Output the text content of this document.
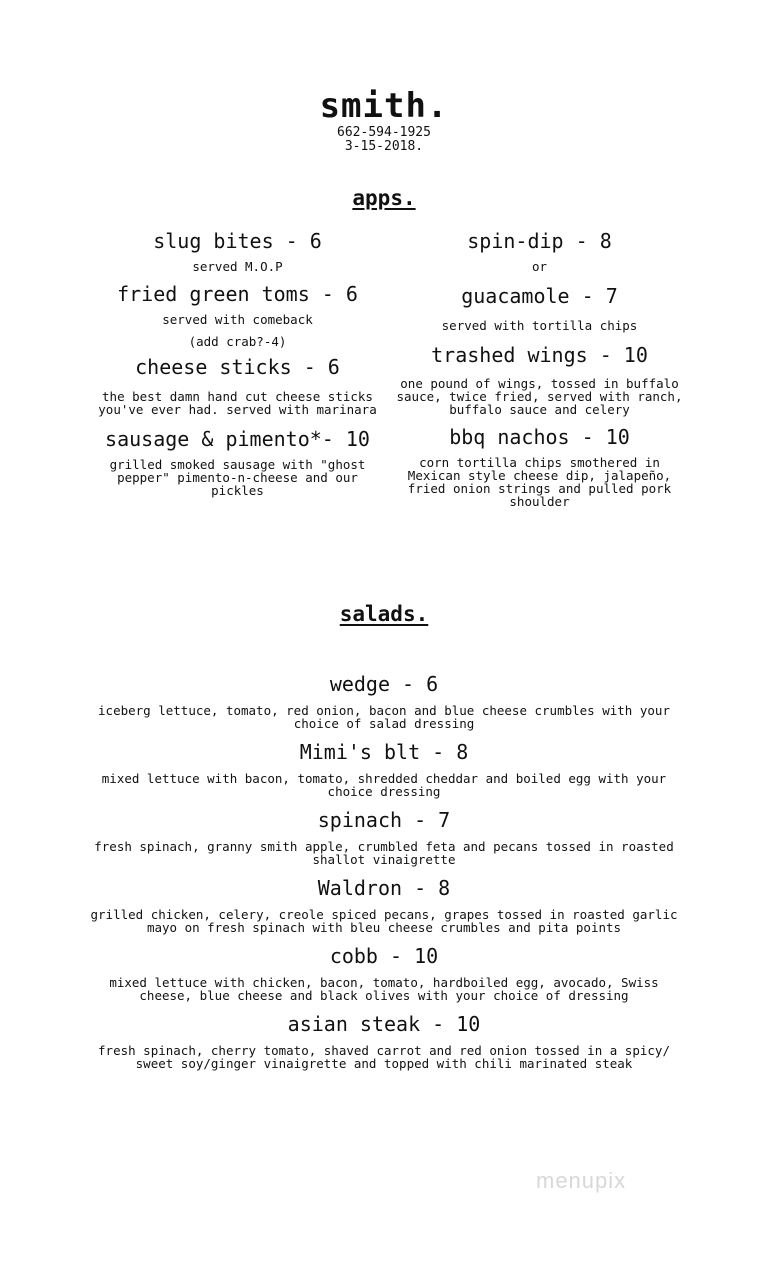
smith.
662-594-1925
3-15-2018.
apps.
slug bites - 6
served M.O.P
fried green toms - 6
served with comeback
(add crab?-4)
cheese sticks - 6
the best damn hand cut cheese sticks you've ever had. served with marinara
sausage & pimento*- 10
grilled smoked sausage with "ghost pepper" pimento-n-cheese and our pickles
spin-dip - 8
or
guacamole - 7
served with tortilla chips
trashed wings - 10
one pound of wings, tossed in buffalo sauce, twice fried, served with ranch, buffalo sauce and celery
bbq nachos - 10
corn tortilla chips smothered in Mexican style cheese dip, jalapeño, fried onion strings and pulled pork shoulder
salads.
wedge - 6
iceberg lettuce, tomato, red onion, bacon and blue cheese crumbles with your choice of salad dressing
Mimi's blt - 8
mixed lettuce with bacon, tomato, shredded cheddar and boiled egg with your choice dressing
spinach - 7
fresh spinach, granny smith apple, crumbled feta and pecans tossed in roasted shallot vinaigrette
Waldron - 8
grilled chicken, celery, creole spiced pecans, grapes tossed in roasted garlic mayo on fresh spinach with bleu cheese crumbles and pita points
cobb - 10
mixed lettuce with chicken, bacon, tomato, hardboiled egg, avocado, Swiss cheese, blue cheese and black olives with your choice of dressing
asian steak - 10
fresh spinach, cherry tomato, shaved carrot and red onion tossed in a spicy/ sweet soy/ginger vinaigrette and topped with chili marinated steak
menupix
